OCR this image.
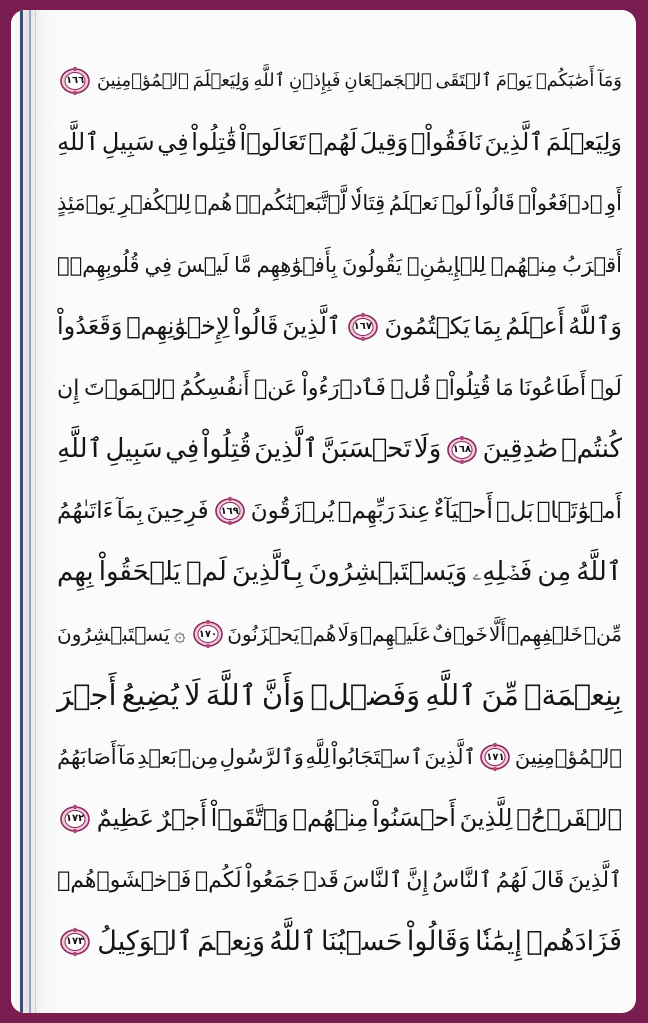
وَمَآ
أَصَٰبَكُمۡ
يَوۡمَ
ٱلۡتَقَى
ٱلۡجَمۡعَانِ
فَبِإِذۡنِ
ٱللَّهِ
وَلِيَعۡلَمَ
ٱلۡمُؤۡمِنِينَ
١٦٦
وَلِيَعۡلَمَ
ٱلَّذِينَ
نَافَقُواْۚ
وَقِيلَ
لَهُمۡ
تَعَالَوۡاْ
قَٰتِلُواْ
فِي
سَبِيلِ
ٱللَّهِ
أَوِ
ٱدۡفَعُواْۖ
قَالُواْ
لَوۡ
نَعۡلَمُ
قِتَالٗا
لَّٱتَّبَعۡنَٰكُمۡۗ
هُمۡ
لِلۡكُفۡرِ
يَوۡمَئِذٍ
أَقۡرَبُ
مِنۡهُمۡ
لِلۡإِيمَٰنِۚ
يَقُولُونَ
بِأَفۡوَٰهِهِم
مَّا
لَيۡسَ
فِي
قُلُوبِهِمۡۚ
وَٱللَّهُ
أَعۡلَمُ
بِمَا
يَكۡتُمُونَ
١٦٧
ٱلَّذِينَ
قَالُواْ
لِإِخۡوَٰنِهِمۡ
وَقَعَدُواْ
لَوۡ
أَطَاعُونَا
مَا
قُتِلُواْۗ
قُلۡ
فَٱدۡرَءُواْ
عَنۡ
أَنفُسِكُمُ
ٱلۡمَوۡتَ
إِن
كُنتُمۡ
صَٰدِقِينَ
١٦٨
وَلَا
تَحۡسَبَنَّ
ٱلَّذِينَ
قُتِلُواْ
فِي
سَبِيلِ
ٱللَّهِ
أَمۡوَٰتَۢاۚ
بَلۡ
أَحۡيَآءٌ
عِندَ
رَبِّهِمۡ
يُرۡزَقُونَ
١٦٩
فَرِحِينَ
بِمَآ
ءَاتَىٰهُمُ
ٱللَّهُ
مِن
فَضۡلِهِۦ
وَيَسۡتَبۡشِرُونَ
بِٱلَّذِينَ
لَمۡ
يَلۡحَقُواْ
بِهِم
مِّنۡ
خَلۡفِهِمۡ
أَلَّا
خَوۡفٌ
عَلَيۡهِمۡ
وَلَا
هُمۡ
يَحۡزَنُونَ
١٧٠
۞
يَسۡتَبۡشِرُونَ
بِنِعۡمَةٖ
مِّنَ
ٱللَّهِ
وَفَضۡلٖ
وَأَنَّ
ٱللَّهَ
لَا
يُضِيعُ
أَجۡرَ
ٱلۡمُؤۡمِنِينَ
١٧١
ٱلَّذِينَ
ٱسۡتَجَابُواْ
لِلَّهِ
وَٱلرَّسُولِ
مِنۢ
بَعۡدِ
مَآ
أَصَابَهُمُ
ٱلۡقَرۡحُۚ
لِلَّذِينَ
أَحۡسَنُواْ
مِنۡهُمۡ
وَٱتَّقَوۡاْ
أَجۡرٌ
عَظِيمٌ
١٧٢
ٱلَّذِينَ
قَالَ
لَهُمُ
ٱلنَّاسُ
إِنَّ
ٱلنَّاسَ
قَدۡ
جَمَعُواْ
لَكُمۡ
فَٱخۡشَوۡهُمۡ
فَزَادَهُمۡ
إِيمَٰنٗا
وَقَالُواْ
حَسۡبُنَا
ٱللَّهُ
وَنِعۡمَ
ٱلۡوَكِيلُ
١٧٣
